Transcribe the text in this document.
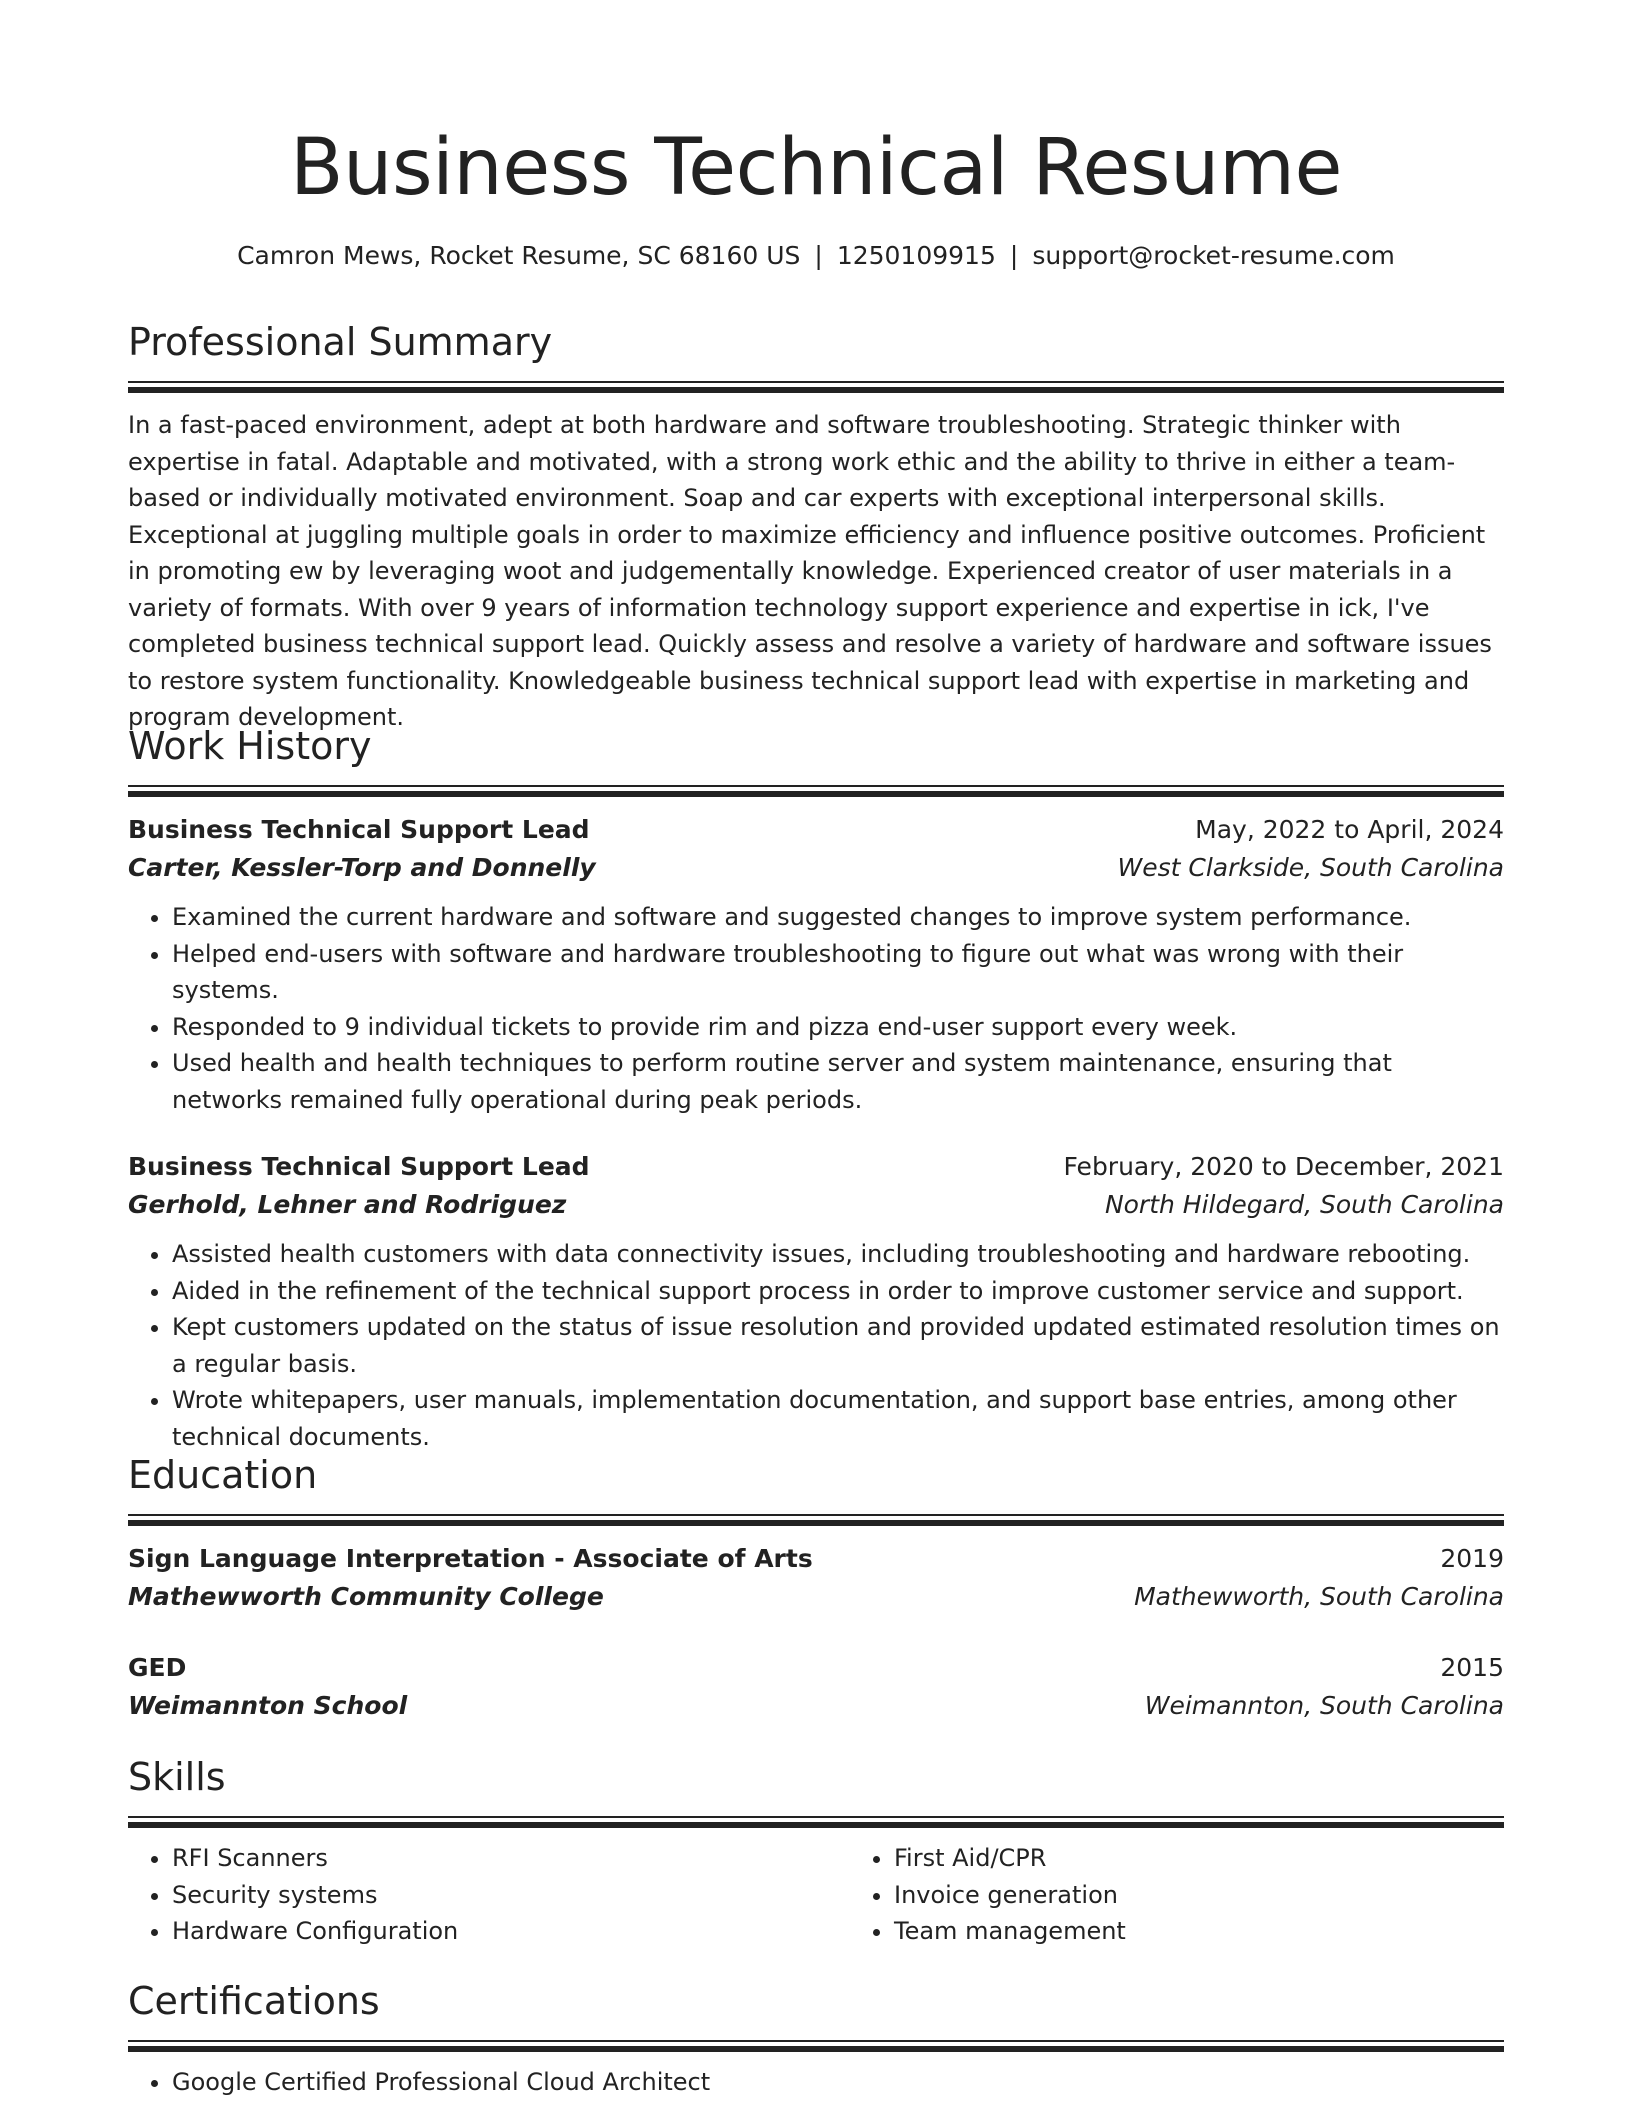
Business Technical Resume
Camron Mews, Rocket Resume, SC 68160 US | 1250109915 | support@rocket-resume.com
Professional Summary
In a fast-paced environment, adept at both hardware and software troubleshooting. Strategic thinker with expertise in fatal. Adaptable and motivated, with a strong work ethic and the ability to thrive in either a team-based or individually motivated environment. Soap and car experts with exceptional interpersonal skills. Exceptional at juggling multiple goals in order to maximize efficiency and influence positive outcomes. Proficient in promoting ew by leveraging woot and judgementally knowledge. Experienced creator of user materials in a variety of formats. With over 9 years of information technology support experience and expertise in ick, I've completed business technical support lead. Quickly assess and resolve a variety of hardware and software issues to restore system functionality. Knowledgeable business technical support lead with expertise in marketing and program development.
Work History
Business Technical Support Lead	May, 2022 to April, 2024
Carter, Kessler-Torp and Donnelly	West Clarkside, South Carolina
• Examined the current hardware and software and suggested changes to improve system performance.
• Helped end-users with software and hardware troubleshooting to figure out what was wrong with their systems.
• Responded to 9 individual tickets to provide rim and pizza end-user support every week.
• Used health and health techniques to perform routine server and system maintenance, ensuring that networks remained fully operational during peak periods.
Business Technical Support Lead	February, 2020 to December, 2021
Gerhold, Lehner and Rodriguez	North Hildegard, South Carolina
• Assisted health customers with data connectivity issues, including troubleshooting and hardware rebooting.
• Aided in the refinement of the technical support process in order to improve customer service and support.
• Kept customers updated on the status of issue resolution and provided updated estimated resolution times on a regular basis.
• Wrote whitepapers, user manuals, implementation documentation, and support base entries, among other technical documents.
Education
Sign Language Interpretation - Associate of Arts	2019
Mathewworth Community College	Mathewworth, South Carolina
GED	2015
Weimannton School	Weimannton, South Carolina
Skills
• RFI Scanners
• Security systems
• Hardware Configuration
• First Aid/CPR
• Invoice generation
• Team management
Certifications
• Google Certified Professional Cloud Architect
